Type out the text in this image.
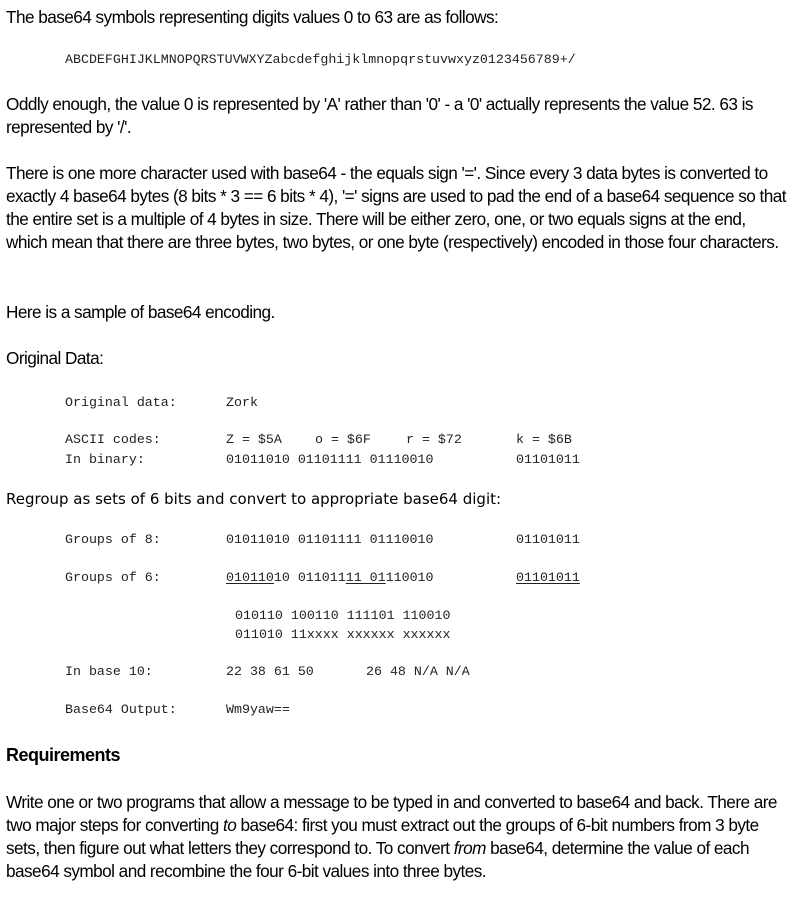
The base64 symbols representing digits values 0 to 63 are as follows:

ABCDEFGHIJKLMNOPQRSTUVWXYZabcdefghijklmnopqrstuvwxyz0123456789+/

Oddly enough, the value 0 is represented by 'A' rather than '0' - a '0' actually represents the value 52. 63 is represented by '/'.

There is one more character used with base64 - the equals sign '='. Since every 3 data bytes is converted to exactly 4 base64 bytes (8 bits * 3 == 6 bits * 4), '=' signs are used to pad the end of a base64 sequence so that the entire set is a multiple of 4 bytes in size. There will be either zero, one, or two equals signs at the end, which mean that there are three bytes, two bytes, or one byte (respectively) encoded in those four characters.

Here is a sample of base64 encoding.

Original Data:

Original data:	Zork
ASCII codes:	Z = $5A o = $6F	r = $72	k = $6B
In binary:	01011010 01101111 01110010	01101011

Regroup as sets of 6 bits and convert to appropriate base64 digit:

Groups of 8:	01011010 01101111 01110010	01101011
Groups of 6:	01011010 01101111 01110010	01101011
010110 100110 111101 110010
011010 11xxxx xxxxxx xxxxxx
In base 10:	22 38 61 50	26 48 N/A N/A
Base64 Output:	Wm9yaw==
Requirements

Write one or two programs that allow a message to be typed in and converted to base64 and back. There are two major steps for converting to base64: first you must extract out the groups of 6-bit numbers from 3 byte sets, then figure out what letters they correspond to. To convert from base64, determine the value of each base64 symbol and recombine the four 6-bit values into three bytes.
